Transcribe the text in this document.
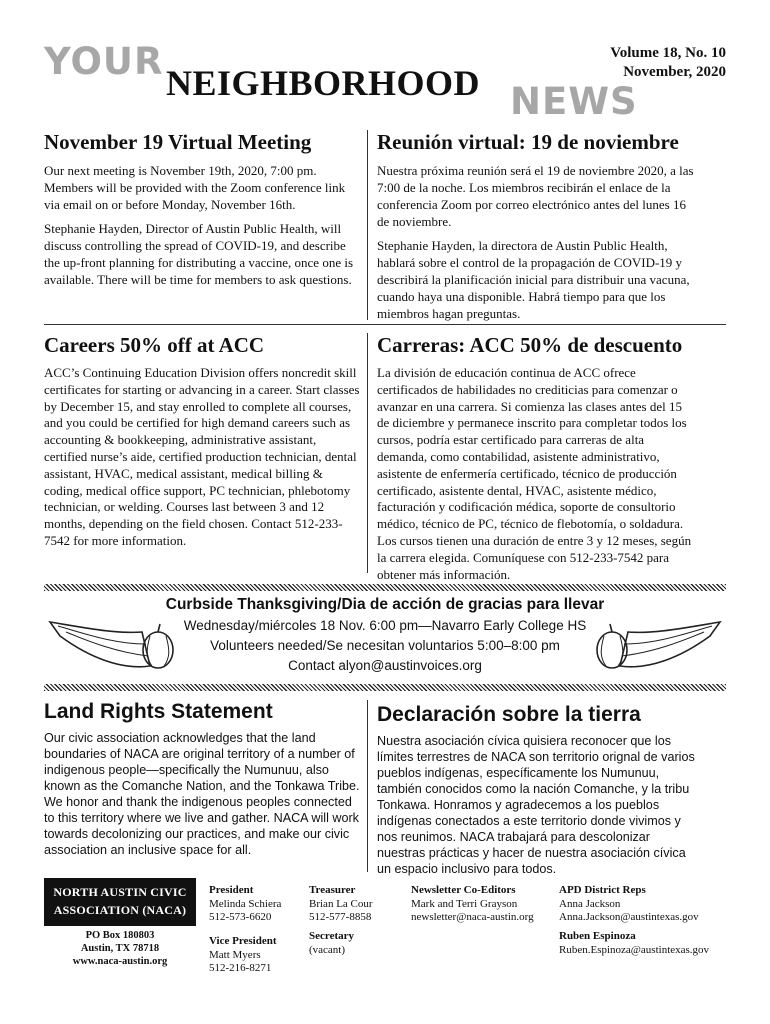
YOUR NEIGHBORHOOD NEWS
Volume 18, No. 10
November, 2020
November 19 Virtual Meeting

Our next meeting is November 19th, 2020, 7:00 pm. Members will be provided with the Zoom conference link via email on or before Monday, November 16th.

Stephanie Hayden, Director of Austin Public Health, will discuss controlling the spread of COVID-19, and describe the up-front planning for distributing a vaccine, once one is available. There will be time for members to ask questions.

Reunión virtual: 19 de noviembre

Nuestra próxima reunión será el 19 de noviembre 2020, a las 7:00 de la noche. Los miembros recibirán el enlace de la conferencia Zoom por correo electrónico antes del lunes 16 de noviembre.

Stephanie Hayden, la directora de Austin Public Health, hablará sobre el control de la propagación de COVID-19 y describirá la planificación inicial para distribuir una vacuna, cuando haya una disponible. Habrá tiempo para que los miembros hagan preguntas.

Careers 50% off at ACC

ACC’s Continuing Education Division offers noncredit skill certificates for starting or advancing in a career. Start classes by December 15, and stay enrolled to complete all courses, and you could be certified for high demand careers such as accounting & bookkeeping, administrative assistant, certified nurse’s aide, certified production technician, dental assistant, HVAC, medical assistant, medical billing & coding, medical office support, PC technician, phlebotomy technician, or welding. Courses last between 3 and 12 months, depending on the field chosen. Contact 512-233-7542 for more information.

Carreras: ACC 50% de descuento

La división de educación continua de ACC ofrece certificados de habilidades no crediticias para comenzar o avanzar en una carrera. Si comienza las clases antes del 15 de diciembre y permanece inscrito para completar todos los cursos, podría estar certificado para carreras de alta demanda, como contabilidad, asistente administrativo, asistente de enfermería certificado, técnico de producción certificado, asistente dental, HVAC, asistente médico, facturación y codificación médica, soporte de consultorio médico, técnico de PC, técnico de flebotomía, o soldadura. Los cursos tienen una duración de entre 3 y 12 meses, según la carrera elegida. Comuníquese con 512-233-7542 para obtener más información.

Curbside Thanksgiving/Dia de acción de gracias para llevar
Wednesday/miércoles 18 Nov. 6:00 pm—Navarro Early College HS
Volunteers needed/Se necesitan voluntarios 5:00–8:00 pm
Contact alyon@austinvoices.org
Land Rights Statement

Our civic association acknowledges that the land boundaries of NACA are original territory of a number of indigenous people—specifically the Numunuu, also known as the Comanche Nation, and the Tonkawa Tribe. We honor and thank the indigenous peoples connected to this territory where we live and gather. NACA will work towards decolonizing our practices, and make our civic association an inclusive space for all.

Declaración sobre la tierra

Nuestra asociación cívica quisiera reconocer que los límites terrestres de NACA son territorio orignal de varios pueblos indígenas, específicamente los Numunuu, también conocidos como la nación Comanche, y la tribu Tonkawa. Honramos y agradecemos a los pueblos indígenas conectados a este territorio donde vivimos y nos reunimos. NACA trabajará para descolonizar nuestras prácticas y hacer de nuestra asociación cívica un espacio inclusivo para todos.

NORTH AUSTIN CIVIC
ASSOCIATION (NACA)
PO Box 180803
Austin, TX 78718
www.naca-austin.org
President
Melinda Schiera
512-573-6620
Vice President
Matt Myers
512-216-8271
Treasurer
Brian La Cour
512-577-8858
Secretary
(vacant)
Newsletter Co-Editors
Mark and Terri Grayson
newsletter@naca-austin.org
APD District Reps
Anna Jackson
Anna.Jackson@austintexas.gov
Ruben Espinoza
Ruben.Espinoza@austintexas.gov
